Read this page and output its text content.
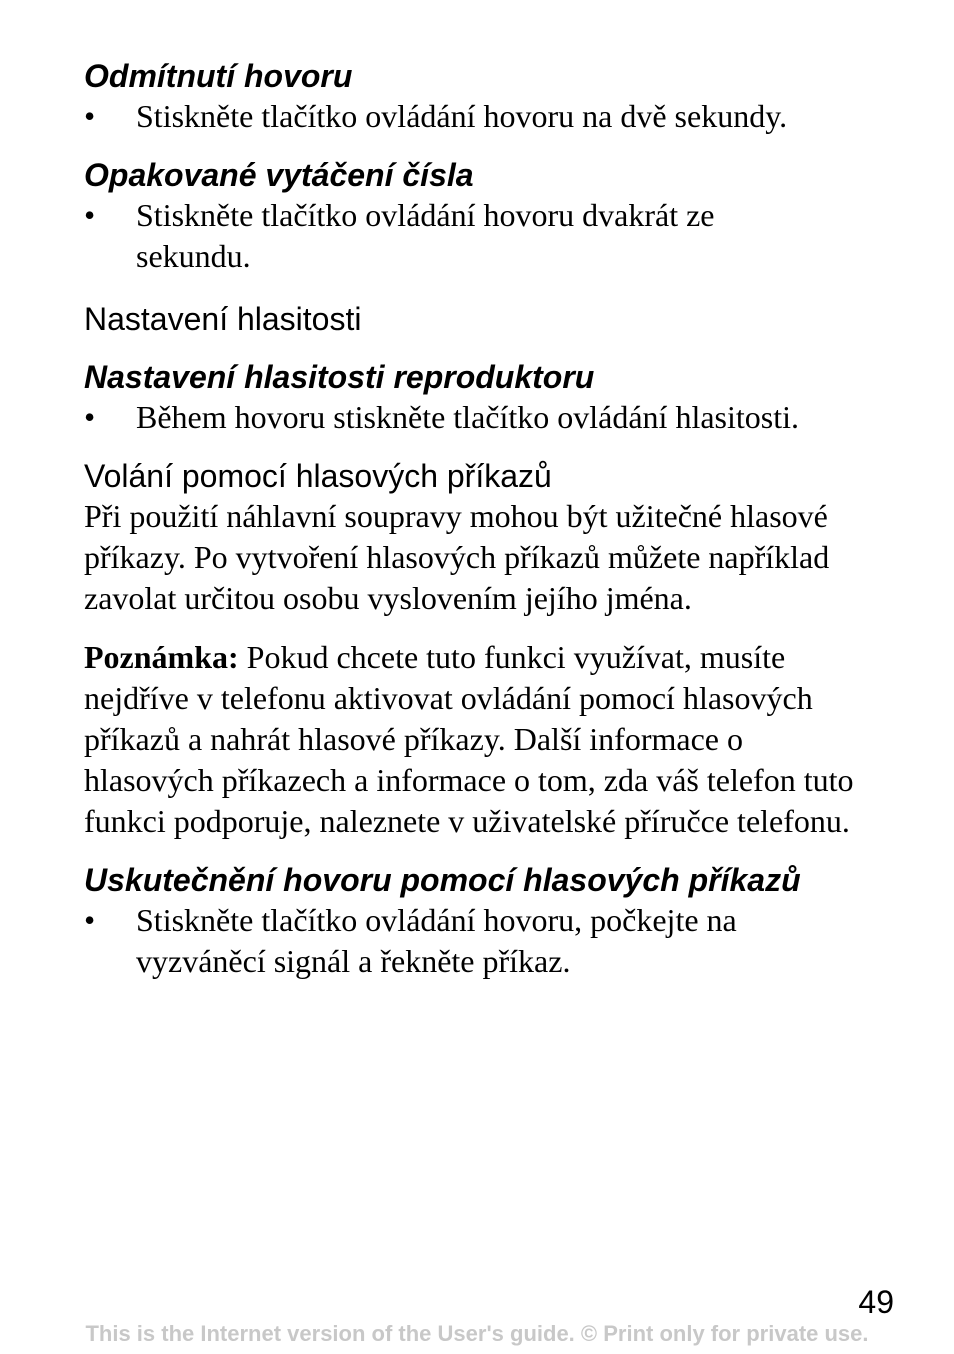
Odmítnutí hovoru
•	Stiskněte tlačítko ovládání hovoru na dvě sekundy.
Opakované vytáčení čísla
•	Stiskněte tlačítko ovládání hovoru dvakrát ze sekundu.
Nastavení hlasitosti
Nastavení hlasitosti reproduktoru
•	Během hovoru stiskněte tlačítko ovládání hlasitosti.
Volání pomocí hlasových příkazů

Při použití náhlavní soupravy mohou být užitečné hlasové příkazy. Po vytvoření hlasových příkazů můžete například zavolat určitou osobu vyslovením jejího jména.

Poznámka: Pokud chcete tuto funkci využívat, musíte nejdříve v telefonu aktivovat ovládání pomocí hlasových příkazů a nahrát hlasové příkazy. Další informace o hlasových příkazech a informace o tom, zda váš telefon tuto funkci podporuje, naleznete v uživatelské příručce telefonu.

Uskutečnění hovoru pomocí hlasových příkazů
•	Stiskněte tlačítko ovládání hovoru, počkejte na vyzváněcí signál a řekněte příkaz.
49
This is the Internet version of the User's guide. © Print only for private use.
